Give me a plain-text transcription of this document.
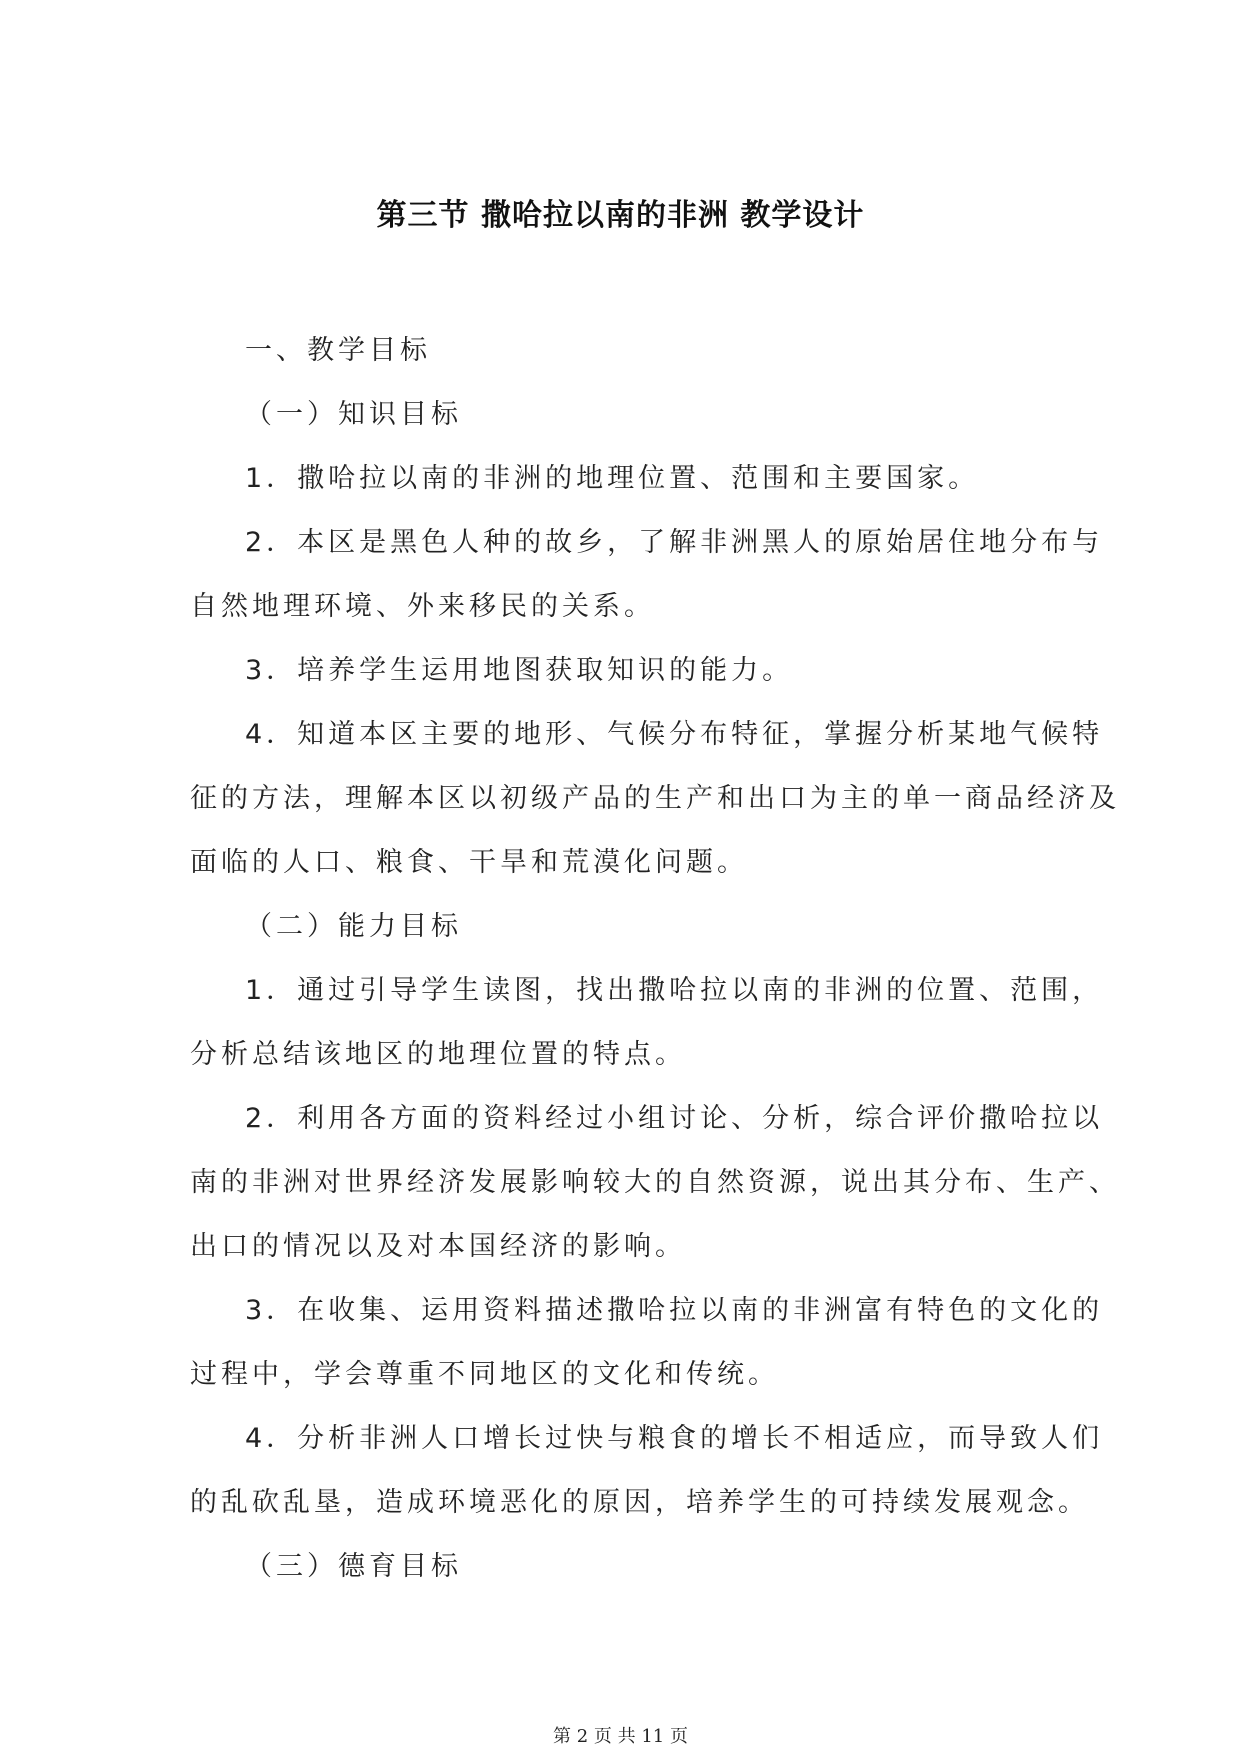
第三节 撒哈拉以南的非洲 教学设计
一、教学目标
（一）知识目标
1．撒哈拉以南的非洲的地理位置、范围和主要国家。
2．本区是黑色人种的故乡，了解非洲黑人的原始居住地分布与
自然地理环境、外来移民的关系。
3．培养学生运用地图获取知识的能力。
4．知道本区主要的地形、气候分布特征，掌握分析某地气候特
征的方法，理解本区以初级产品的生产和出口为主的单一商品经济及
面临的人口、粮食、干旱和荒漠化问题。
（二）能力目标
1．通过引导学生读图，找出撒哈拉以南的非洲的位置、范围，
分析总结该地区的地理位置的特点。
2．利用各方面的资料经过小组讨论、分析，综合评价撒哈拉以
南的非洲对世界经济发展影响较大的自然资源，说出其分布、生产、
出口的情况以及对本国经济的影响。
3．在收集、运用资料描述撒哈拉以南的非洲富有特色的文化的
过程中，学会尊重不同地区的文化和传统。
4．分析非洲人口增长过快与粮食的增长不相适应，而导致人们
的乱砍乱垦，造成环境恶化的原因，培养学生的可持续发展观念。
（三）德育目标
第 2 页 共 11 页
